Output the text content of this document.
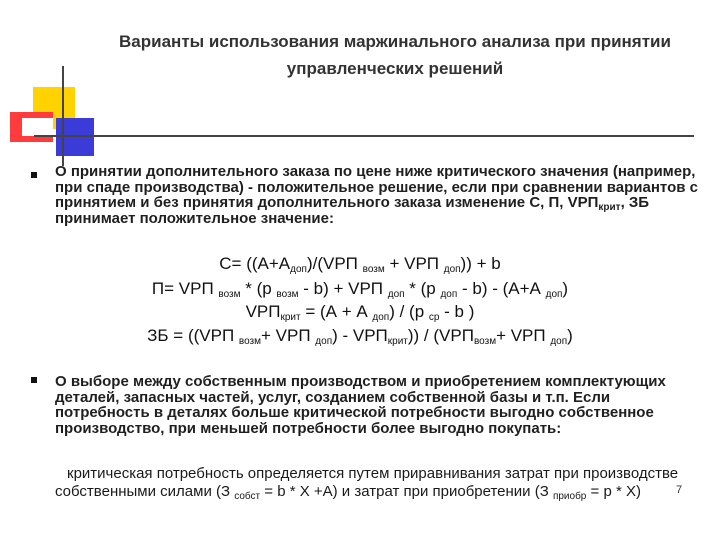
Варианты использования маржинального анализа при принятии управленческих решений
О принятии дополнительного заказа по цене ниже критического значения (например, при спаде производства) - положительное решение, если при сравнении вариантов с принятием и без принятия дополнительного заказа изменение С, П, $VРП_{крит}$, ЗБ принимает положительное значение:
$С= ((А+А_{доп})/(VРП$ $_{возм}$ + VРП $_{доп}$)) + b
П= VРП $_{возм}$ * (р $_{возм}$ - b) + VРП $_{доп}$ * (р $_{доп}$ - b) - (А+А $_{доп}$)
$VРП_{крит} = (А + А$ $_{доп}$) / (р $_{ср}$ - b )
ЗБ = ((VРП $_{возм}$+ VРП $_{доп}) - VРП_{крит})) / (VРП_{возм}+$ VРП $_{доп}$)
О выборе между собственным производством и приобретением комплектующих деталей, запасных частей, услуг, созданием собственной базы и т.п. Если потребность в деталях больше критической потребности выгодно собственное производство, при меньшей потребности более выгодно покупать:
критическая потребность определяется путем приравнивания затрат при производстве собственными силами (З $_{собст}$ = b * X +А) и затрат при приобретении (З $_{приобр}$ = р * X)	7
